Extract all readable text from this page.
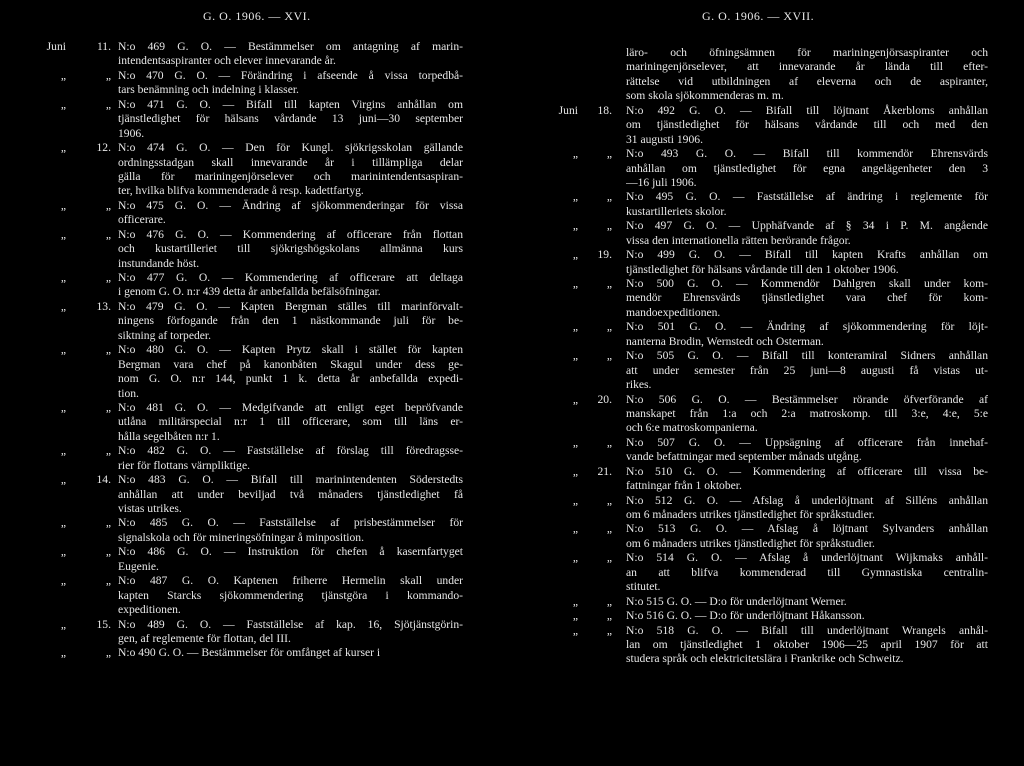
G. O. 1906. — XVI.
Juni	11. N:o 469 G. O. — Bestämmelser om antagning af marin-
intendentsaspiranter och elever innevarande år.
„	„ N:o 470 G. O. — Förändring i afseende å vissa torpedbå-
tars benämning och indelning i klasser.
„	„ N:o 471 G. O. — Bifall till kapten Virgins anhållan om
tjänstledighet för hälsans vårdande 13 juni—30 september
1906.
„	12. N:o 474 G. O. — Den för Kungl. sjökrigsskolan gällande
ordningsstadgan skall innevarande år i tillämpliga delar
gälla för mariningenjörselever och marinintendentsaspiran-
ter, hvilka blifva kommenderade å resp. kadettfartyg.
„	„ N:o 475 G. O. — Ändring af sjökommenderingar för vissa
officerare.
„	„ N:o 476 G. O. — Kommendering af officerare från flottan
och kustartilleriet till sjökrigshögskolans allmänna kurs
instundande höst.
„	„ N:o 477 G. O. — Kommendering af officerare att deltaga
i genom G. O. n:r 439 detta år anbefallda befälsöfningar.
„	13. N:o 479 G. O. — Kapten Bergman ställes till marinförvalt-
ningens förfogande från den 1 nästkommande juli för be-
siktning af torpeder.
„	„ N:o 480 G. O. — Kapten Prytz skall i stället för kapten
Bergman vara chef på kanonbåten Skagul under dess ge-
nom G. O. n:r 144, punkt 1 k. detta år anbefallda expedi-
tion.
„	„ N:o 481 G. O. — Medgifvande att enligt eget bepröfvande
utlåna militärspecial n:r 1 till officerare, som till läns er-
hålla segelbåten n:r 1.
„	„ N:o 482 G. O. — Fastställelse af förslag till föredragsse-
rier för flottans värnpliktige.
„	14. N:o 483 G. O. — Bifall till marinintendenten Söderstedts
anhållan att under beviljad två månaders tjänstledighet få
vistas utrikes.
„	„ N:o 485 G. O. — Fastställelse af prisbestämmelser för
signalskola och för mineringsöfningar å minposition.
„	„ N:o 486 G. O. — Instruktion för chefen å kasernfartyget
Eugenie.
„	„ N:o 487 G. O. Kaptenen friherre Hermelin skall under
kapten Starcks sjökommendering tjänstgöra i kommando-
expeditionen.
„	15. N:o 489 G. O. — Fastställelse af kap. 16, Sjötjänstgörin-
gen, af reglemente för flottan, del III.
„	„ N:o 490 G. O. — Bestämmelser för omfånget af kurser i
G. O. 1906. — XVII.
läro- och öfningsämnen för mariningenjörsaspiranter och
mariningenjörselever, att innevarande år ländа till efter-
rättelse vid utbildningen af eleverna och de aspiranter,
som skola sjökommenderas m. m.
Juni	18. N:o 492 G. O. — Bifall till löjtnant Åkerbloms anhållan
om tjänstledighet för hälsans vårdande till och med den
31 augusti 1906.
„	„ N:o 493 G. O. — Bifall till kommendör Ehrensvärds
anhållan om tjänstledighet för egna angelägenheter den 3
—16 juli 1906.
„	„ N:o 495 G. O. — Fastställelse af ändring i reglemente för
kustartilleriets skolor.
„	„ N:o 497 G. O. — Upphäfvande af § 34 i P. M. angående
vissa den internationella rätten berörande frågor.
„	19. N:o 499 G. O. — Bifall till kapten Krafts anhållan om
tjänstledighet för hälsans vårdande till den 1 oktober 1906.
„	„ N:o 500 G. O. — Kommendör Dahlgren skall under kom-
mendör Ehrensvärds tjänstledighet vara chef för kom-
mandoexpeditionen.
„	„ N:o 501 G. O. — Ändring af sjökommendering för löjt-
nanterna Brodin, Wernstedt och Osterman.
„	„ N:o 505 G. O. — Bifall till konteramiral Sidners anhållan
att under semester från 25 juni—8 augusti få vistas ut-
rikes.
„	20. N:o 506 G. O. — Bestämmelser rörande öfverförande af
manskapet från 1:a och 2:a matroskomp. till 3:e, 4:e, 5:e
och 6:e matroskompanierna.
„	„ N:o 507 G. O. — Uppsägning af officerare från innehaf-
vande befattningar med september månads utgång.
„	21. N:o 510 G. O. — Kommendering af officerare till vissa be-
fattningar från 1 oktober.
„	„ N:o 512 G. O. — Afslag å underlöjtnant af Silléns anhållan
om 6 månaders utrikes tjänstledighet för språkstudier.
„	„ N:o 513 G. O. — Afslag å löjtnant Sylvanders anhållan
om 6 månaders utrikes tjänstledighet för språkstudier.
„	„ N:o 514 G. O. — Afslag å underlöjtnant Wijkmaks anhåll-
an att blifva kommenderad till Gymnastiska centralin-
stitutet.
„	„ N:o 515 G. O. — D:o för underlöjtnant Werner.
„	„ N:o 516 G. O. — D:o för underlöjtnant Håkansson.
„	„ N:o 518 G. O. — Bifall till underlöjtnant Wrangels anhål-
lan om tjänstledighet 1 oktober 1906—25 april 1907 för att
studera språk och elektricitetslära i Frankrike och Schweitz.
